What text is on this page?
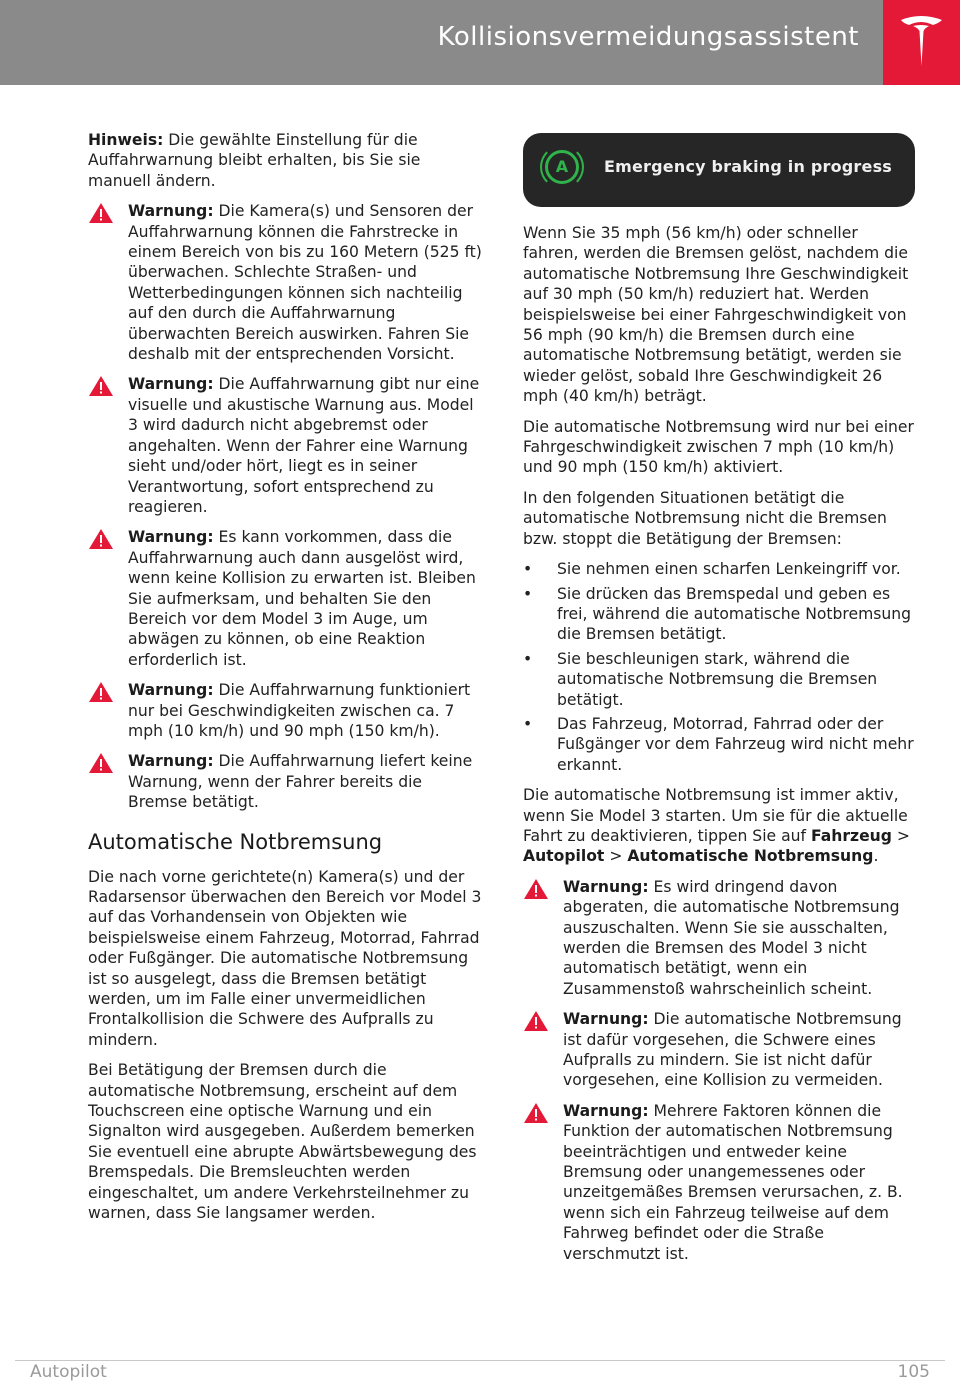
Kollisionsvermeidungsassistent

Hinweis: Die gewählte Einstellung für die Auffahrwarnung bleibt erhalten, bis Sie sie manuell ändern.

Warnung: Die Kamera(s) und Sensoren der Auffahrwarnung können die Fahrstrecke in einem Bereich von bis zu 160 Metern (525 ft) überwachen. Schlechte Straßen- und Wetterbedingungen können sich nachteilig auf den durch die Auffahrwarnung überwachten Bereich auswirken. Fahren Sie deshalb mit der entsprechenden Vorsicht.
Warnung: Die Auffahrwarnung gibt nur eine visuelle und akustische Warnung aus. Model 3 wird dadurch nicht abgebremst oder angehalten. Wenn der Fahrer eine Warnung sieht und/oder hört, liegt es in seiner Verantwortung, sofort entsprechend zu reagieren.
Warnung: Es kann vorkommen, dass die Auffahrwarnung auch dann ausgelöst wird, wenn keine Kollision zu erwarten ist. Bleiben Sie aufmerksam, und behalten Sie den Bereich vor dem Model 3 im Auge, um abwägen zu können, ob eine Reaktion erforderlich ist.
Warnung: Die Auffahrwarnung funktioniert nur bei Geschwindigkeiten zwischen ca. 7 mph (10 km/h) und 90 mph (150 km/h).
Warnung: Die Auffahrwarnung liefert keine Warnung, wenn der Fahrer bereits die Bremse betätigt.
Automatische Notbremsung

Die nach vorne gerichtete(n) Kamera(s) und der Radarsensor überwachen den Bereich vor Model 3 auf das Vorhandensein von Objekten wie beispielsweise einem Fahrzeug, Motorrad, Fahrrad oder Fußgänger. Die automatische Notbremsung ist so ausgelegt, dass die Bremsen betätigt werden, um im Falle einer unvermeidlichen Frontalkollision die Schwere des Aufpralls zu mindern.

Bei Betätigung der Bremsen durch die automatische Notbremsung, erscheint auf dem Touchscreen eine optische Warnung und ein Signalton wird ausgegeben. Außerdem bemerken Sie eventuell eine abrupte Abwärtsbewegung des Bremspedals. Die Bremsleuchten werden eingeschaltet, um andere Verkehrsteilnehmer zu warnen, dass Sie langsamer werden.

A	Emergency braking in progress

Wenn Sie 35 mph (56 km/h) oder schneller fahren, werden die Bremsen gelöst, nachdem die automatische Notbremsung Ihre Geschwindigkeit auf 30 mph (50 km/h) reduziert hat. Werden beispielsweise bei einer Fahrgeschwindigkeit von 56 mph (90 km/h) die Bremsen durch eine automatische Notbremsung betätigt, werden sie wieder gelöst, sobald Ihre Geschwindigkeit 26 mph (40 km/h) beträgt.

Die automatische Notbremsung wird nur bei einer Fahrgeschwindigkeit zwischen 7 mph (10 km/h) und 90 mph (150 km/h) aktiviert.

In den folgenden Situationen betätigt die automatische Notbremsung nicht die Bremsen bzw. stoppt die Betätigung der Bremsen:

• Sie nehmen einen scharfen Lenkeingriff vor.
• Sie drücken das Bremspedal und geben es frei, während die automatische Notbremsung die Bremsen betätigt.
• Sie beschleunigen stark, während die automatische Notbremsung die Bremsen betätigt.
• Das Fahrzeug, Motorrad, Fahrrad oder der Fußgänger vor dem Fahrzeug wird nicht mehr erkannt.

Die automatische Notbremsung ist immer aktiv, wenn Sie Model 3 starten. Um sie für die aktuelle Fahrt zu deaktivieren, tippen Sie auf Fahrzeug > Autopilot > Automatische Notbremsung.

Warnung: Es wird dringend davon abgeraten, die automatische Notbremsung auszuschalten. Wenn Sie sie ausschalten, werden die Bremsen des Model 3 nicht automatisch betätigt, wenn ein Zusammenstoß wahrscheinlich scheint.
Warnung: Die automatische Notbremsung ist dafür vorgesehen, die Schwere eines Aufpralls zu mindern. Sie ist nicht dafür vorgesehen, eine Kollision zu vermeiden.
Warnung: Mehrere Faktoren können die Funktion der automatischen Notbremsung beeinträchtigen und entweder keine Bremsung oder unangemessenes oder unzeitgemäßes Bremsen verursachen, z. B. wenn sich ein Fahrzeug teilweise auf dem Fahrweg befindet oder die Straße verschmutzt ist.
Autopilot	105
